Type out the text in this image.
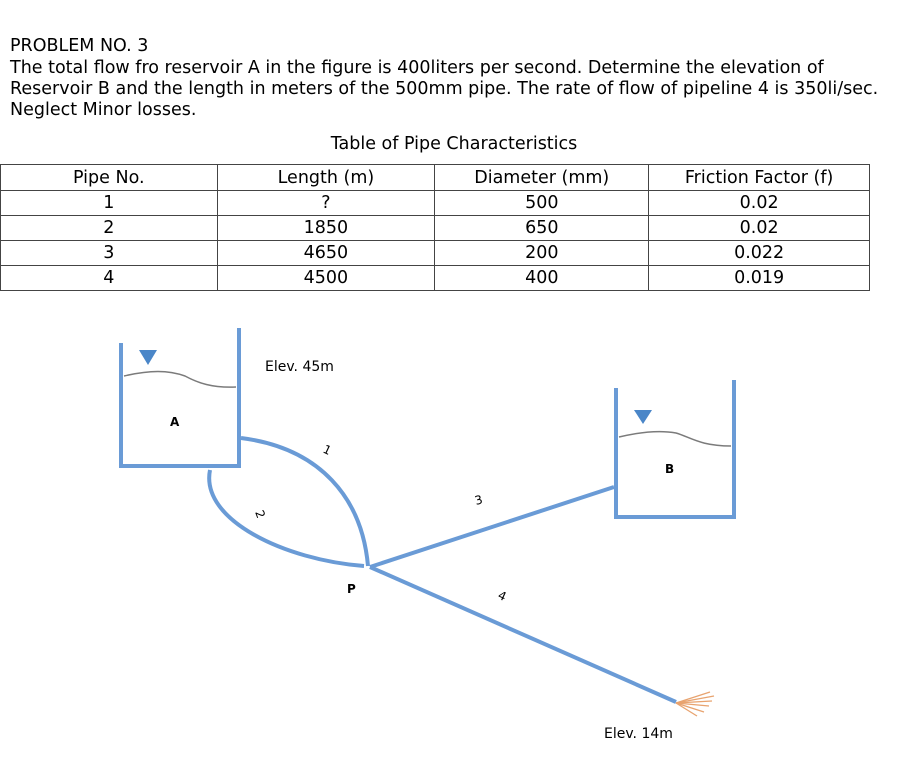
PROBLEM NO. 3
The total flow fro reservoir A in the figure is 400liters per second. Determine the elevation of Reservoir B and the length in meters of the 500mm pipe. The rate of flow of pipeline 4 is 350li/sec. Neglect Minor losses.
Table of Pipe Characteristics
Pipe No.	Length (m)	Diameter (mm)	Friction Factor (f)
1	?	500	0.02
2	1850	650	0.02
3	4650	200	0.022
4	4500	400	0.019
A
Elev. 45m
1
2
P
3
4
Elev. 14m
B
